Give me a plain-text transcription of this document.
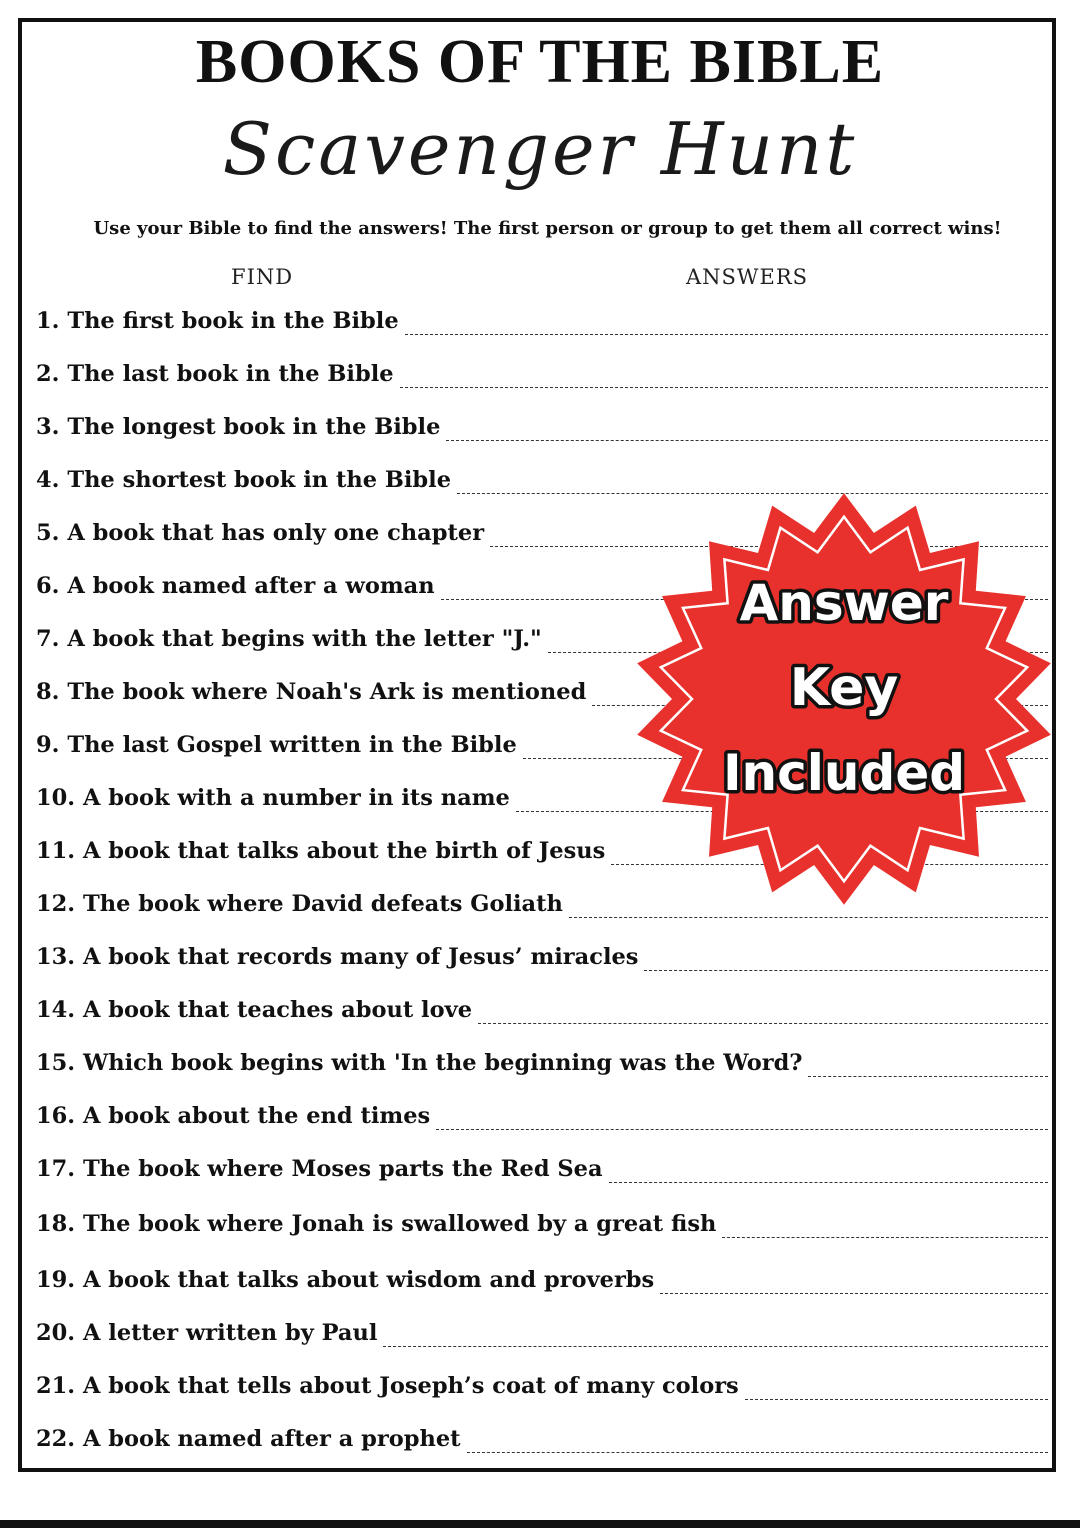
BOOKS OF THE BIBLE
Scavenger Hunt
Use your Bible to find the answers! The first person or group to get them all correct wins!
FIND	ANSWERS
1. The first book in the Bible
2. The last book in the Bible
3. The longest book in the Bible
4. The shortest book in the Bible
5. A book that has only one chapter
6. A book named after a woman
7. A book that begins with the letter "J."
8. The book where Noah's Ark is mentioned
9. The last Gospel written in the Bible
10. A book with a number in its name
11. A book that talks about the birth of Jesus
12. The book where David defeats Goliath
13. A book that records many of Jesus’ miracles
14. A book that teaches about love
15. Which book begins with 'In the beginning was the Word?
16. A book about the end times
17. The book where Moses parts the Red Sea
18. The book where Jonah is swallowed by a great fish
19. A book that talks about wisdom and proverbs
20. A letter written by Paul
21. A book that tells about Joseph’s coat of many colors
22. A book named after a prophet
Answer
Key
Included
